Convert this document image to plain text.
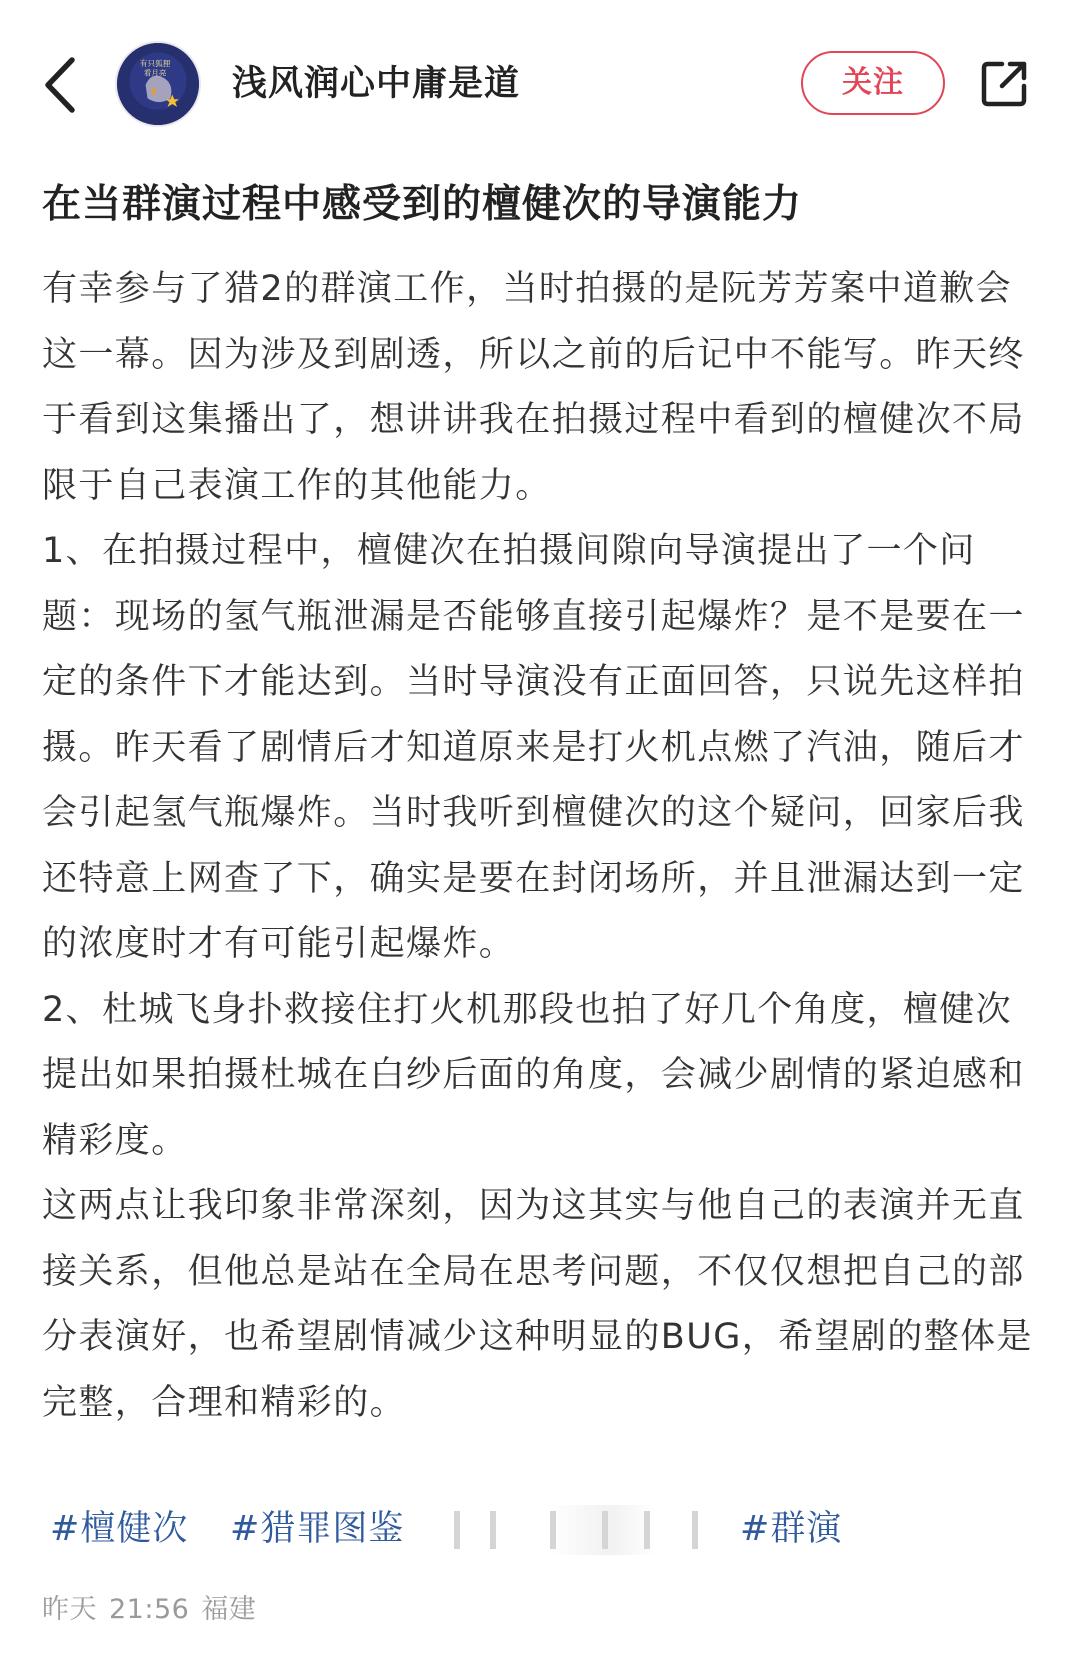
有只狐狸
看月亮 浅风润心中庸是道	关注
在当群演过程中感受到的檀健次的导演能力

有幸参与了猎2的群演工作，当时拍摄的是阮芳芳案中道歉会这一幕。因为涉及到剧透，所以之前的后记中不能写。昨天终于看到这集播出了，想讲讲我在拍摄过程中看到的檀健次不局限于自己表演工作的其他能力。

1、在拍摄过程中，檀健次在拍摄间隙向导演提出了一个问题：现场的氢气瓶泄漏是否能够直接引起爆炸？是不是要在一定的条件下才能达到。当时导演没有正面回答，只说先这样拍摄。昨天看了剧情后才知道原来是打火机点燃了汽油，随后才会引起氢气瓶爆炸。当时我听到檀健次的这个疑问，回家后我还特意上网查了下，确实是要在封闭场所，并且泄漏达到一定的浓度时才有可能引起爆炸。

2、杜城飞身扑救接住打火机那段也拍了好几个角度，檀健次提出如果拍摄杜城在白纱后面的角度，会减少剧情的紧迫感和精彩度。

这两点让我印象非常深刻，因为这其实与他自己的表演并无直接关系，但他总是站在全局在思考问题，不仅仅想把自己的部分表演好，也希望剧情减少这种明显的BUG，希望剧的整体是完整，合理和精彩的。

#檀健次 #猎罪图鉴	#群演
昨天 21:56 福建
